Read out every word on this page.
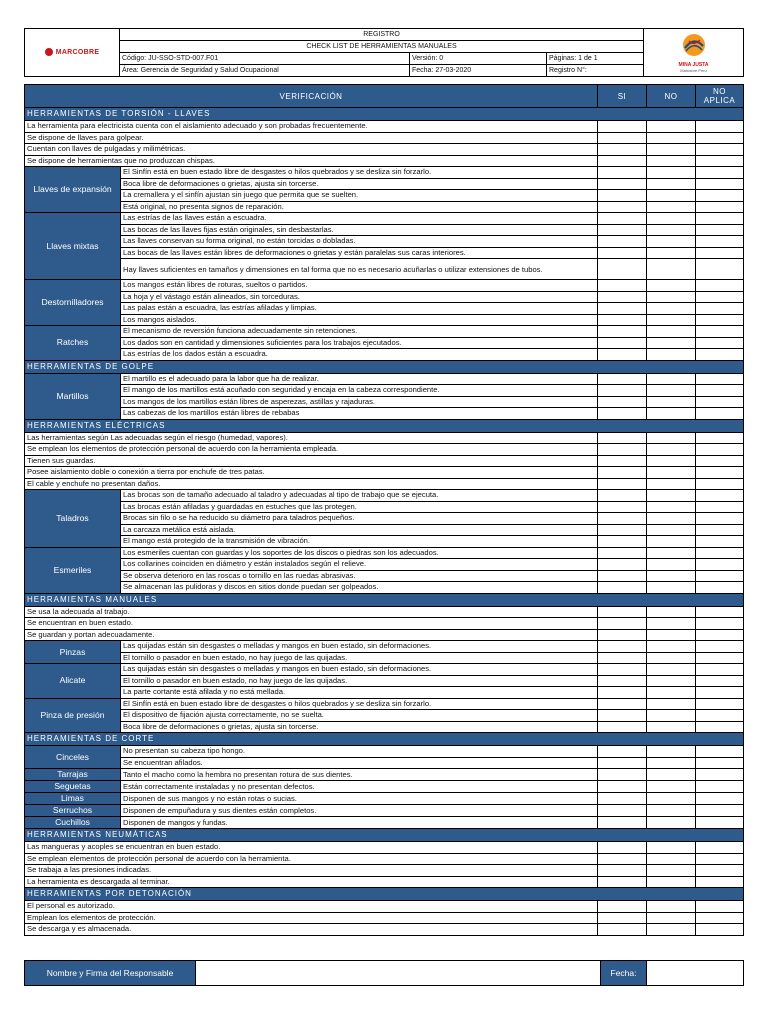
MARCOBRE	REGISTRO			MINA JUSTA
Marcobre Perú

	CHECK LIST DE HERRAMIENTAS MANUALES			
	Código: JU-SSO-STD-007.F01	Versión: 0	Páginas: 1 de 1	
	Área: Gerencia de Seguridad y Salud Ocupacional	Fecha: 27-03-2020	Registro N°:	
VERIFICACIÓN		SI	NO	NO APLICA
HERRAMIENTAS DE TORSIÓN - LLAVES				
La herramienta para electricista cuenta con el aislamiento adecuado y son probadas frecuentemente.				
Se dispone de llaves para golpear.				
Cuentan con llaves de pulgadas y milimétricas.				
Se dispone de herramientas que no produzcan chispas.				
Llaves de expansión	El Sinfín está en buen estado libre de desgastes o hilos quebrados y se desliza sin forzarlo.			
	Boca libre de deformaciones o grietas, ajusta sin torcerse.			
	La cremallera y el sinfín ajustan sin juego que permita que se suelten.			
	Está original, no presenta signos de reparación.			
Llaves mixtas	Las estrías de las llaves están a escuadra.			
	Las bocas de las llaves fijas están originales, sin desbastarlas.			
	Las llaves conservan su forma original, no están torcidas o dobladas.			
	Las bocas de las llaves están libres de deformaciones o grietas y están paralelas sus caras interiores.			
	Hay llaves suficientes en tamaños y dimensiones en tal forma que no es necesario acuñarlas o utilizar extensiones de tubos.			
Destornilladores	Los mangos están libres de roturas, sueltos o partidos.			
	La hoja y el vástago están alineados, sin torceduras.			
	Las palas están a escuadra, las estrías afiladas y limpias.			
	Los mangos aislados.			
Ratches	El mecanismo de reversión funciona adecuadamente sin retenciones.			
	Los dados son en cantidad y dimensiones suficientes para los trabajos ejecutados.			
	Las estrías de los dados están a escuadra.			
HERRAMIENTAS DE GOLPE				
Martillos	El martillo es el adecuado para la labor que ha de realizar.			
	El mango de los martillos está acuñado con seguridad y encaja en la cabeza correspondiente.			
	Los mangos de los martillos están libres de asperezas, astillas y rajaduras.			
	Las cabezas de los martillos están libres de rebabas			
HERRAMIENTAS ELÉCTRICAS				
Las herramientas según Las adecuadas según el riesgo (humedad, vapores).				
Se emplean los elementos de protección personal de acuerdo con la herramienta empleada.				
Tienen sus guardas.				
Posee aislamiento doble o conexión a tierra por enchufe de tres patas.				
El cable y enchufe no presentan daños.				
Taladros	Las brocas son de tamaño adecuado al taladro y adecuadas al tipo de trabajo que se ejecuta.			
	Las brocas están afiladas y guardadas en estuches que las protegen.			
	Brocas sin filo o se ha reducido su diámetro para taladros pequeños.			
	La carcaza metálica está aislada.			
	El mango está protegido de la transmisión de vibración.			
Esmeriles	Los esmeriles cuentan con guardas y los soportes de los discos o piedras son los adecuados.			
	Los collarines coinciden en diámetro y están instalados según el relieve.			
	Se observa deterioro en las roscas o tornillo en las ruedas abrasivas.			
	Se almacenan las pulidoras y discos en sitios donde puedan ser golpeados.			
HERRAMIENTAS MANUALES				
Se usa la adecuada al trabajo.				
Se encuentran en buen estado.				
Se guardan y portan adecuadamente.				
Pinzas	Las quijadas están sin desgastes o melladas y mangos en buen estado, sin deformaciones.			
	El tornillo o pasador en buen estado, no hay juego de las quijadas.			
Alicate	Las quijadas están sin desgastes o melladas y mangos en buen estado, sin deformaciones.			
	El tornillo o pasador en buen estado, no hay juego de las quijadas.			
	La parte cortante está afilada y no está mellada.			
Pinza de presión	El Sinfín está en buen estado libre de desgastes o hilos quebrados y se desliza sin forzarlo.			
	El dispositivo de fijación ajusta correctamente, no se suelta.			
	Boca libre de deformaciones o grietas, ajusta sin torcerse.			
HERRAMIENTAS DE CORTE				
Cinceles	No presentan su cabeza tipo hongo.			
	Se encuentran afilados.			
Tarrajas	Tanto el macho como la hembra no presentan rotura de sus dientes.			
Seguetas	Están correctamente instaladas y no presentan defectos.			
Limas	Disponen de sus mangos y no están rotas o sucias.			
Serruchos	Disponen de empuñadura y sus dientes están completos.			
Cuchillos	Disponen de mangos y fundas.			
HERRAMIENTAS NEUMÁTICAS				
Las mangueras y acoples se encuentran en buen estado.				
Se emplean elementos de protección personal de acuerdo con la herramienta.				
Se trabaja a las presiones indicadas.				
La herramienta es descargada al terminar.				
HERRAMIENTAS POR DETONACIÓN				
El personal es autorizado.				
Emplean los elementos de protección.				
Se descarga y es almacenada.				
Nombre y Firma del Responsable		Fecha:	
